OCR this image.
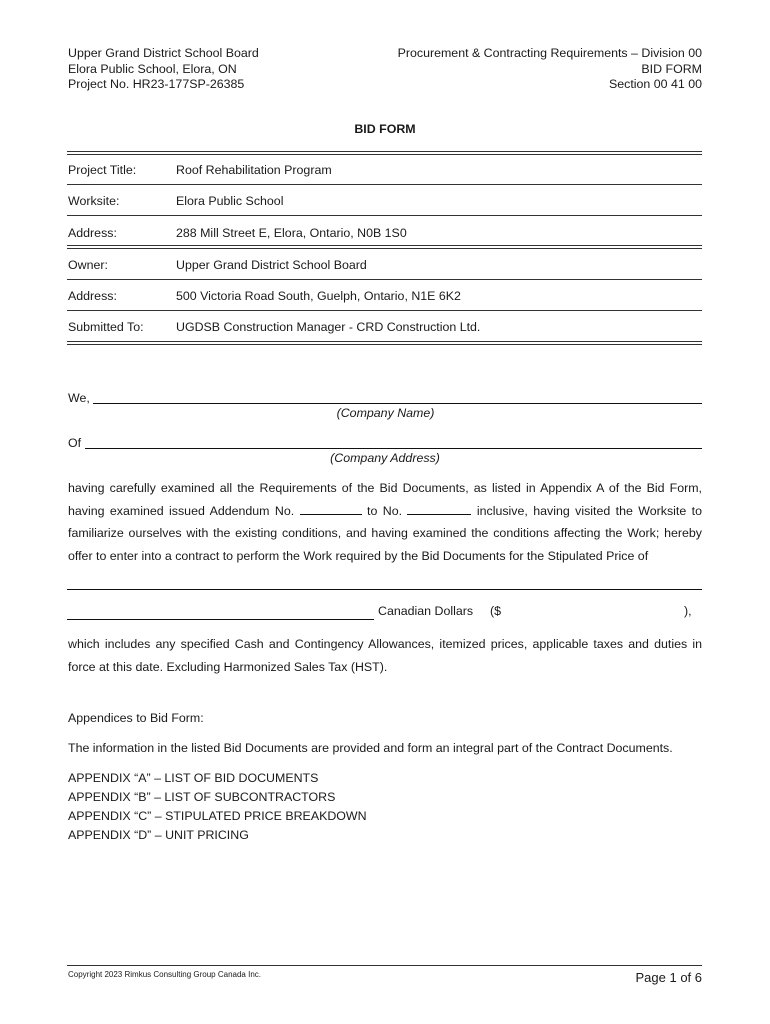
Upper Grand District School Board
Elora Public School, Elora, ON
Project No. HR23-177SP-26385
Procurement & Contracting Requirements – Division 00
BID FORM
Section 00 41 00
BID FORM
Project Title:	Roof Rehabilitation Program
Worksite:	Elora Public School
Address:	288 Mill Street E, Elora, Ontario, N0B 1S0
Owner:	Upper Grand District School Board
Address:	500 Victoria Road South, Guelph, Ontario, N1E 6K2
Submitted To:	UGDSB Construction Manager - CRD Construction Ltd.
We,
(Company Name)
Of
(Company Address)
having carefully examined all the Requirements of the Bid Documents, as listed in Appendix A of the Bid Form, having examined issued Addendum No.	to No.	inclusive, having visited the Worksite to familiarize ourselves with the existing conditions, and having examined the conditions affecting the Work; hereby offer to enter into a contract to perform the Work required by the Bid Documents for the Stipulated Price of
Canadian Dollars ($	),
which includes any specified Cash and Contingency Allowances, itemized prices, applicable taxes and duties in force at this date. Excluding Harmonized Sales Tax (HST).
Appendices to Bid Form:
The information in the listed Bid Documents are provided and form an integral part of the Contract Documents.
APPENDIX “A” – LIST OF BID DOCUMENTS
APPENDIX “B” – LIST OF SUBCONTRACTORS
APPENDIX “C” – STIPULATED PRICE BREAKDOWN
APPENDIX “D” – UNIT PRICING
Copyright 2023 Rimkus Consulting Group Canada Inc.	Page 1 of 6
